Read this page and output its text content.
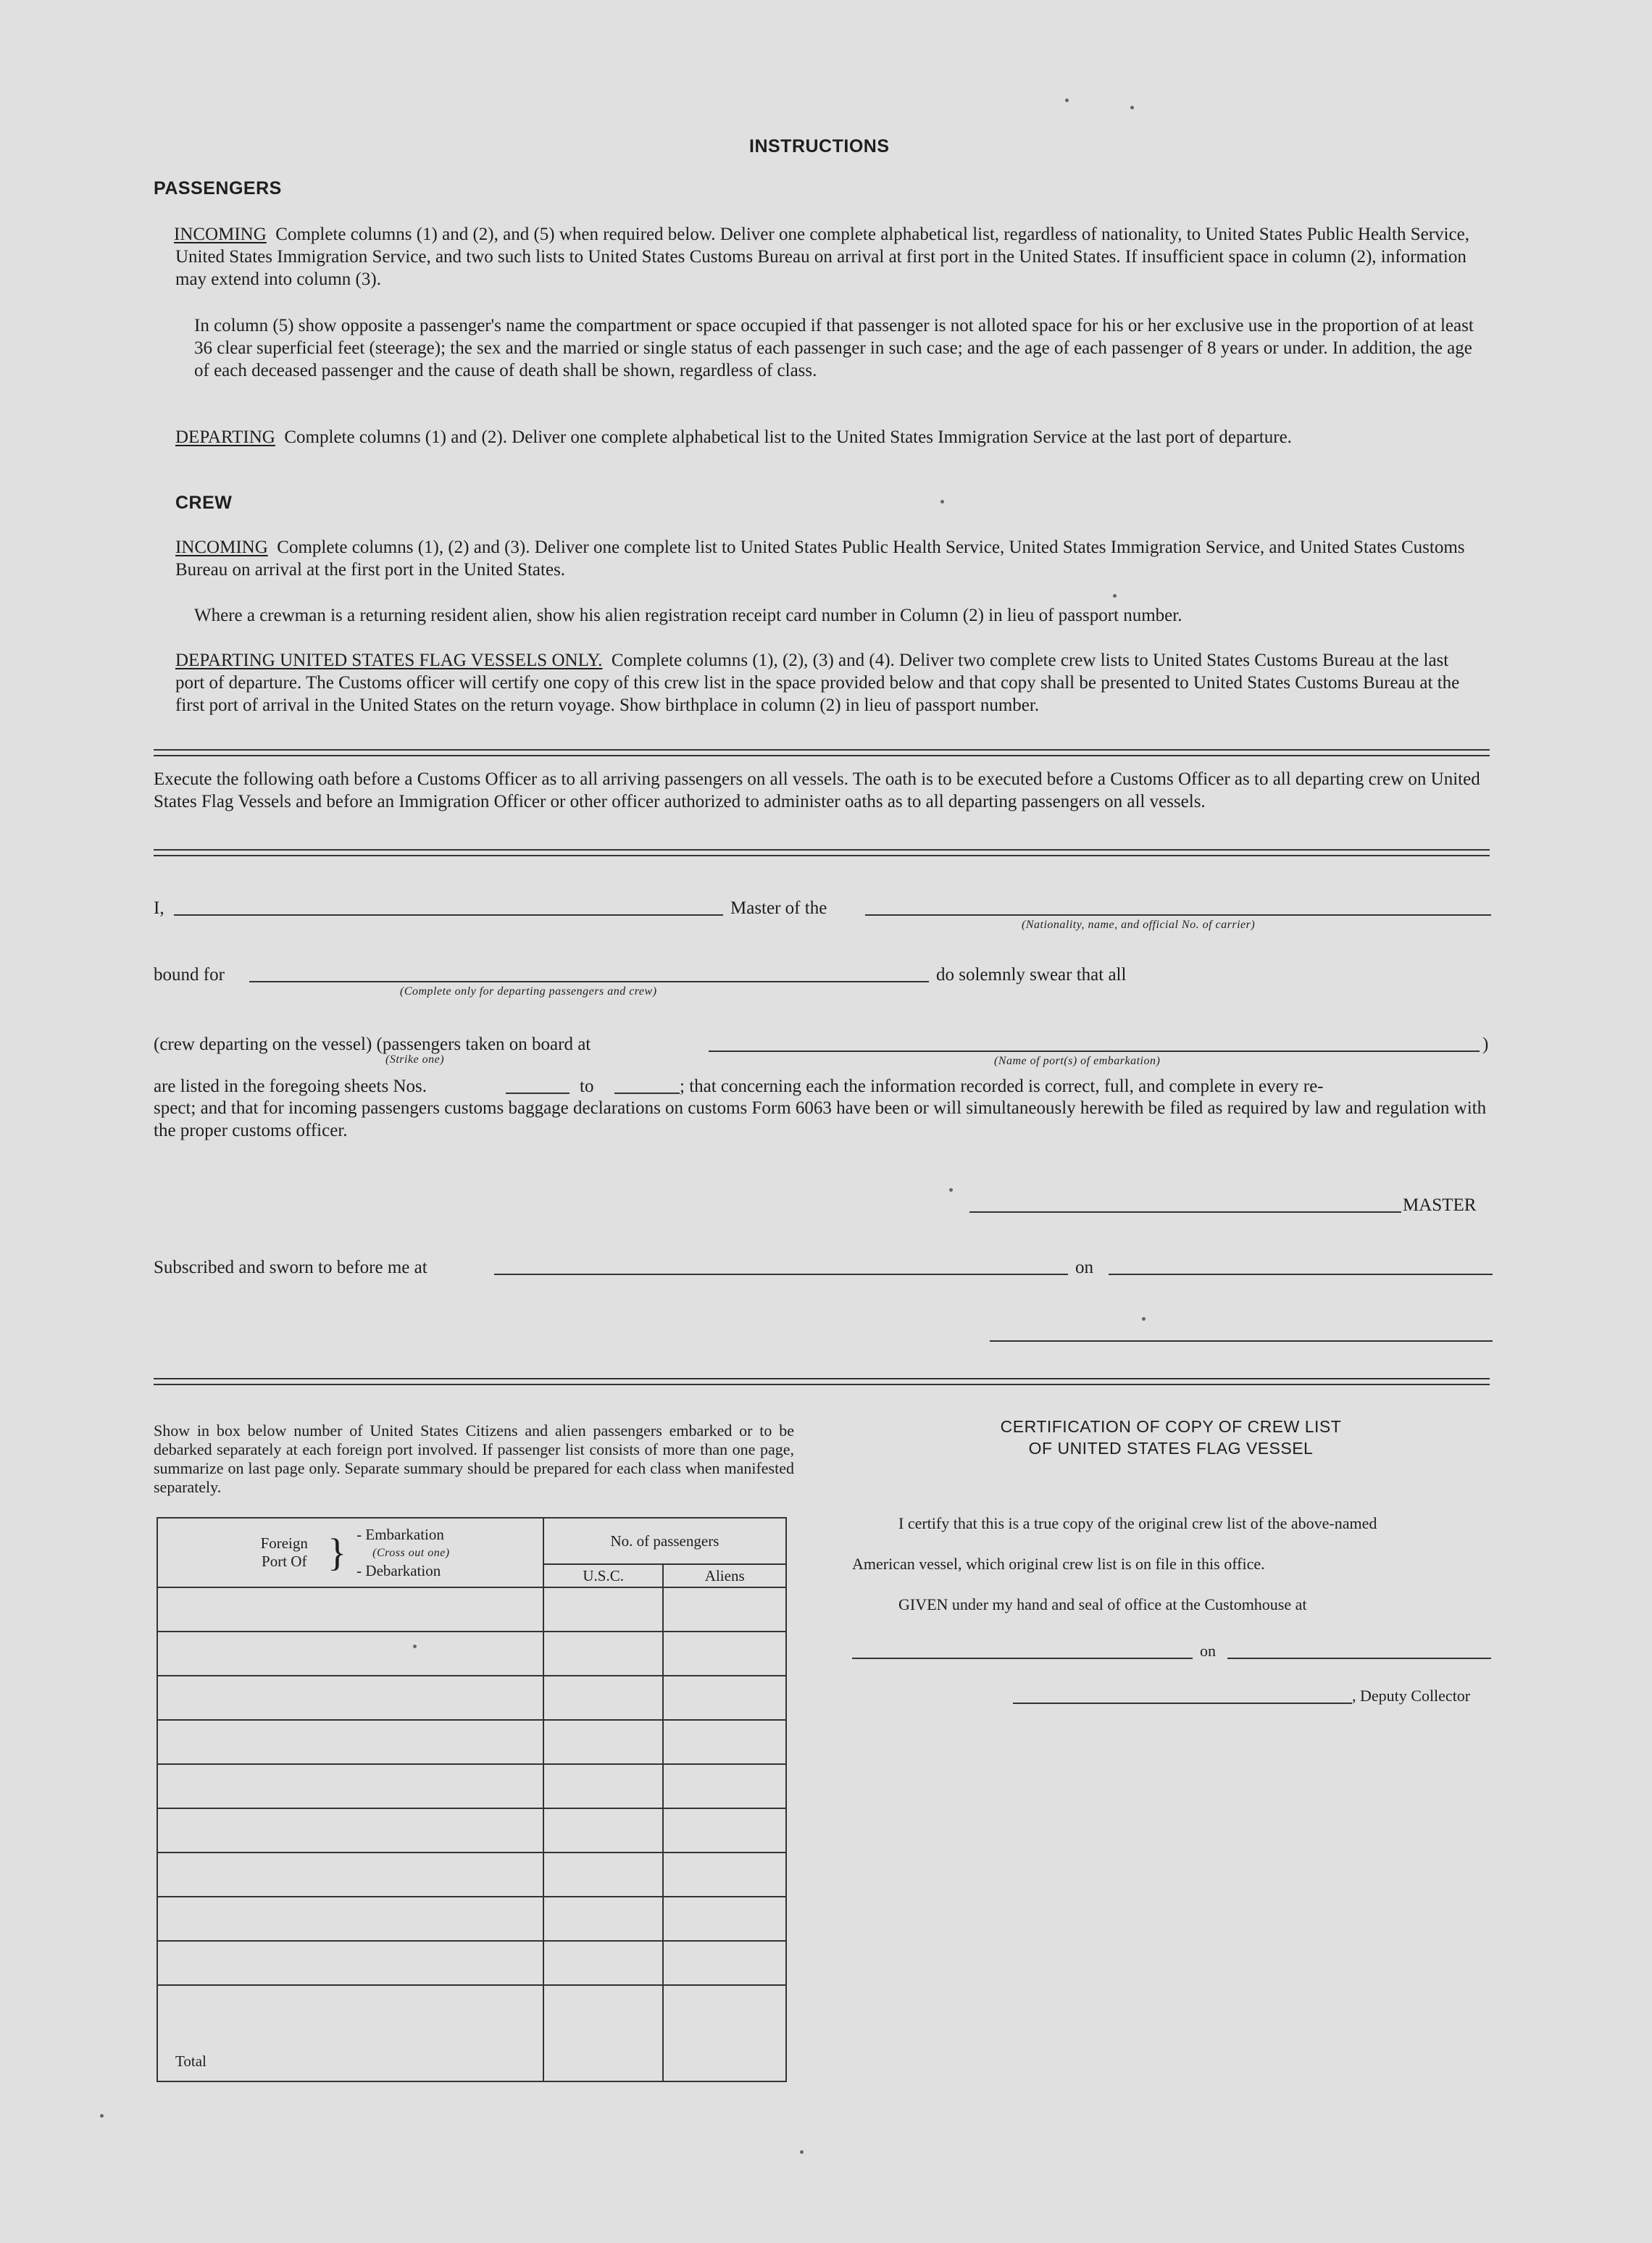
INSTRUCTIONS
PASSENGERS
INCOMING Complete columns (1) and (2), and (5) when required below. Deliver one complete alphabetical list, regardless of nationality, to United States Public Health Service, United States Immigration Service, and two such lists to United States Customs Bureau on arrival at first port in the United States. If insufficient space in column (2), information may extend into column (3).
In column (5) show opposite a passenger's name the compartment or space occupied if that passenger is not alloted space for his or her exclusive use in the proportion of at least 36 clear superficial feet (steerage); the sex and the married or single status of each passenger in such case; and the age of each passenger of 8 years or under. In addition, the age of each deceased passenger and the cause of death shall be shown, regardless of class.
DEPARTING Complete columns (1) and (2). Deliver one complete alphabetical list to the United States Immigration Service at the last port of departure.
CREW
INCOMING Complete columns (1), (2) and (3). Deliver one complete list to United States Public Health Service, United States Immigration Service, and United States Customs Bureau on arrival at the first port in the United States.
Where a crewman is a returning resident alien, show his alien registration receipt card number in Column (2) in lieu of passport number.
DEPARTING UNITED STATES FLAG VESSELS ONLY. Complete columns (1), (2), (3) and (4). Deliver two complete crew lists to United States Customs Bureau at the last port of departure. The Customs officer will certify one copy of this crew list in the space provided below and that copy shall be presented to United States Customs Bureau at the first port of arrival in the United States on the return voyage. Show birthplace in column (2) in lieu of passport number.
Execute the following oath before a Customs Officer as to all arriving passengers on all vessels. The oath is to be executed before a Customs Officer as to all departing crew on United States Flag Vessels and before an Immigration Officer or other officer authorized to administer oaths as to all departing passengers on all vessels.
I,	Master of the
(Nationality, name, and official No. of carrier)
bound for
(Complete only for departing passengers and crew)
do solemnly swear that all
(crew departing on the vessel) (passengers taken on board at	)
(Strike one)	(Name of port(s) of embarkation)
are listed in the foregoing sheets Nos.	to	; that concerning each the information recorded is correct, full, and complete in every re-
spect; and that for incoming passengers customs baggage declarations on customs Form 6063 have been or will simultaneously herewith be filed as required by law and regulation with the proper customs officer.
MASTER
Subscribed and sworn to before me at	on
Show in box below number of United States Citizens and alien passengers embarked or to be debarked separately at each foreign port involved. If passenger list consists of more than one page, summarize on last page only. Separate summary should be prepared for each class when manifested separately.
Foreign Port Of } - Embarkation
(Cross out one)
- Debarkation	No. of passengers	
	U.S.C.	Aliens

Total		
CERTIFICATION OF COPY OF CREW LIST
OF UNITED STATES FLAG VESSEL
I certify that this is a true copy of the original crew list of the above-named
American vessel, which original crew list is on file in this office.
GIVEN under my hand and seal of office at the Customhouse at
on
, Deputy Collector
